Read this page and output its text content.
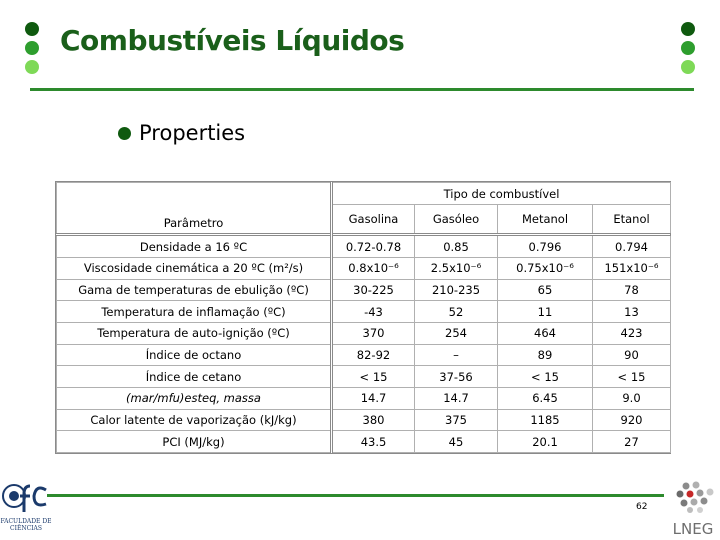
Combustíveis Líquidos
Properties
Parâmetro	Tipo de combustível			
	Gasolina	Gasóleo	Metanol	Etanol
Densidade a 16 ºC	0.72-0.78	0.85	0.796	0.794
Viscosidade cinemática a 20 ºC (m²/s)	0.8x10⁻⁶	2.5x10⁻⁶	0.75x10⁻⁶	151x10⁻⁶
Gama de temperaturas de ebulição (ºC)	30-225	210-235	65	78
Temperatura de inflamação (ºC)	-43	52	11	13
Temperatura de auto-ignição (ºC)	370	254	464	423
Índice de octano	82-92	–	89	90
Índice de cetano	< 15	37-56	< 15	< 15
(mar/mfu)esteq, massa	14.7	14.7	6.45	9.0
Calor latente de vaporização (kJ/kg)	380	375	1185	920
PCI (MJ/kg)	43.5	45	20.1	27
FACULDADE DE CIÊNCIAS
62
LNEG
